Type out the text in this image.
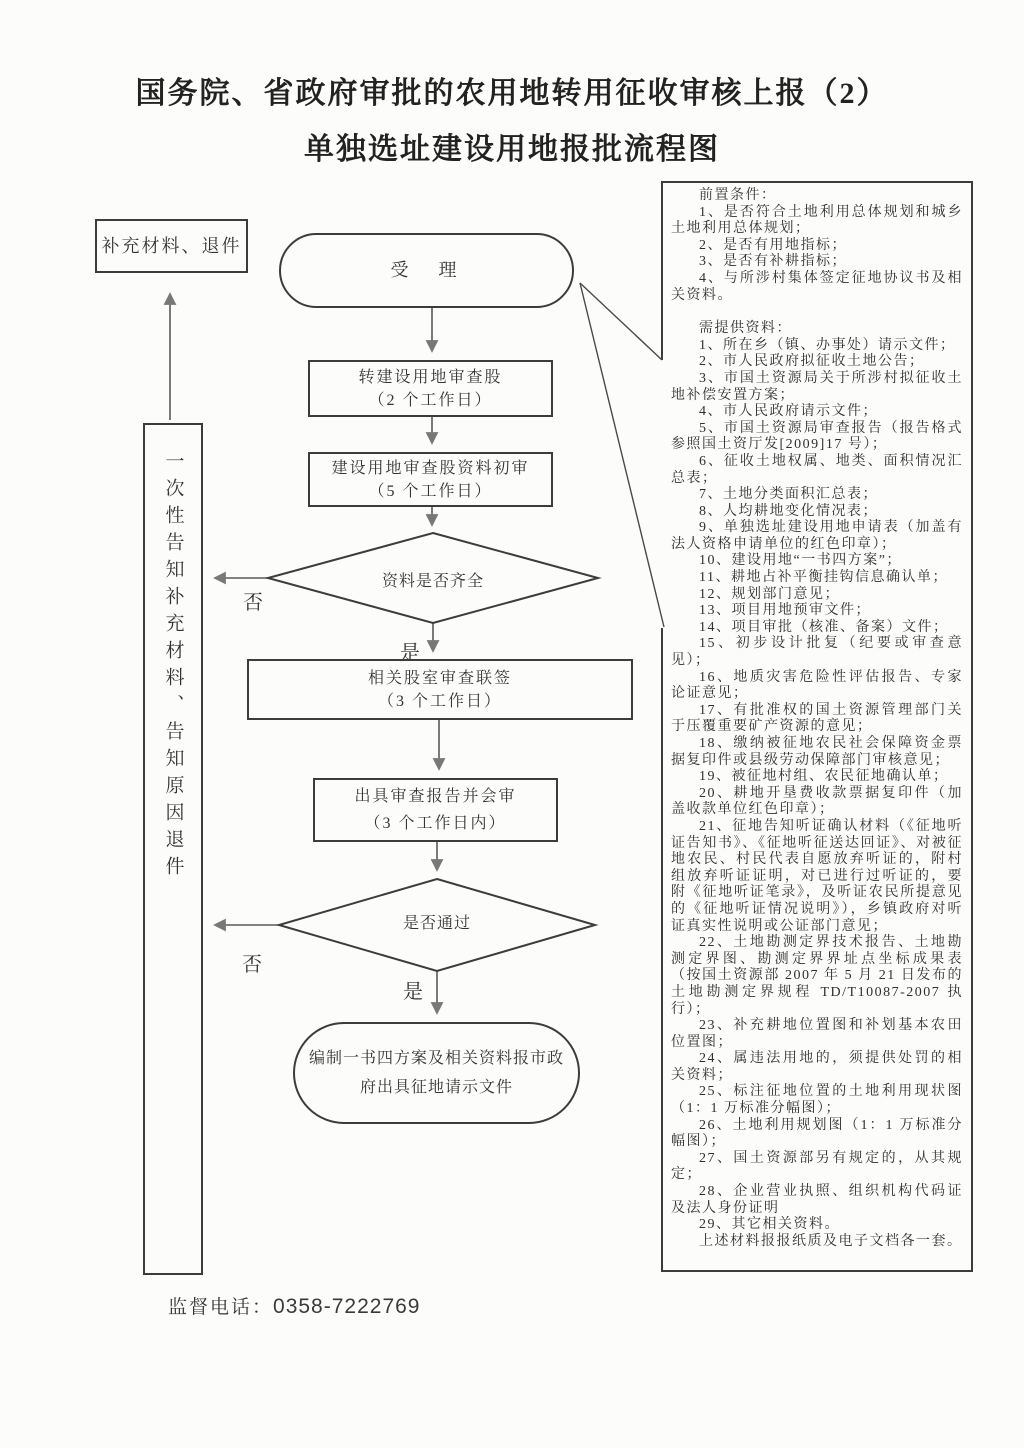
国务院、省政府审批的农用地转用征收审核上报（2）
单独选址建设用地报批流程图
补充材料、退件
受　理
一次性告知补充材料、告知原因退件
转建设用地审查股
（2 个工作日）
建设用地审查股资料初审
（5 个工作日）
资料是否齐全
否
是
相关股室审查联签
（3 个工作日）
出具审查报告并会审
（3 个工作日内）
是否通过
否
是
编制一书四方案及相关资料报市政
府出具征地请示文件
前置条件：
1、是否符合土地利用总体规划和城乡土地利用总体规划；
2、是否有用地指标；
3、是否有补耕指标；
4、与所涉村集体签定征地协议书及相关资料。
需提供资料：
1、所在乡（镇、办事处）请示文件；
2、市人民政府拟征收土地公告；
3、市国土资源局关于所涉村拟征收土地补偿安置方案；
4、市人民政府请示文件；
5、市国土资源局审查报告（报告格式参照国土资厅发[2009]17 号）；
6、征收土地权属、地类、面积情况汇总表；
7、土地分类面积汇总表；
8、人均耕地变化情况表；
9、单独选址建设用地申请表（加盖有法人资格申请单位的红色印章）；
10、建设用地“一书四方案”；
11、耕地占补平衡挂钩信息确认单；
12、规划部门意见；
13、项目用地预审文件；
14、项目审批（核准、备案）文件；
15、初步设计批复（纪要或审查意见）；
16、地质灾害危险性评估报告、专家论证意见；
17、有批准权的国土资源管理部门关于压覆重要矿产资源的意见；
18、缴纳被征地农民社会保障资金票据复印件或县级劳动保障部门审核意见；
19、被征地村组、农民征地确认单；
20、耕地开垦费收款票据复印件（加盖收款单位红色印章）；
21、征地告知听证确认材料（《征地听证告知书》、《征地听征送达回证》、对被征地农民、村民代表自愿放弃听证的，附村组放弃听证证明，对已进行过听证的，要附《征地听证笔录》，及听证农民所提意见的《征地听证情况说明》），乡镇政府对听证真实性说明或公证部门意见；
22、土地勘测定界技术报告、土地勘测定界图、勘测定界界址点坐标成果表（按国土资源部 2007 年 5 月 21 日发布的土地勘测定界规程 TD/T10087-2007 执行）；
23、补充耕地位置图和补划基本农田位置图；
24、属违法用地的，须提供处罚的相关资料；
25、标注征地位置的土地利用现状图（1：1 万标准分幅图）；
26、土地利用规划图（1：1 万标准分幅图）；
27、国土资源部另有规定的，从其规定；
28、企业营业执照、组织机构代码证及法人身份证明
29、其它相关资料。
上述材料报报纸质及电子文档各一套。
监督电话：0358-7222769
